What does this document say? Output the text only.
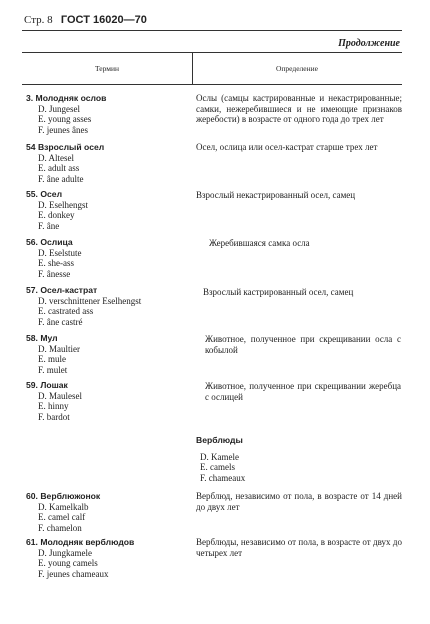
Стр. 8 ГОСТ 16020—70
Продолжение
Термин	Определение
3. Молодняк ослов
D. Jungesel
E. young asses
F. jeunes ânes
Ослы (самцы кастрированные и некастрированные; самки, нежеребившиеся и не имеющие признаков жеребости) в возрасте от одного года до трех лет
54 Взрослый осел
D. Altesel
E. adult ass
F. âne adulte
Осел, ослица или осел-кастрат старше трех лет
55. Осел
D. Eselhengst
E. donkey
F. âne
Взрослый некастрированный осел, самец
56. Ослица
D. Eselstute
E. she-ass
F. ânesse
Жеребившаяся самка осла
57. Осел-кастрат
D. verschnittener Eselhengst
E. castrated ass
F. âne castré
Взрослый кастрированный осел, самец
58. Мул
D. Maultier
E. mule
F. mulet
Животное, полученное при скрещивании осла с кобылой
59. Лошак
D. Maulesel
E. hinny
F. bardot
Животное, полученное при скрещивании жеребца с ослицей
Верблюды
D. Kamele
E. camels
F. chameaux
60. Верблюжонок
D. Kamelkalb
E. camel calf
F. chamelon
Верблюд, независимо от пола, в возрасте от 14 дней до двух лет
61. Молодняк верблюдов
D. Jungkamele
E. young camels
F. jeunes chameaux
Верблюды, независимо от пола, в возрасте от двух до четырех лет
